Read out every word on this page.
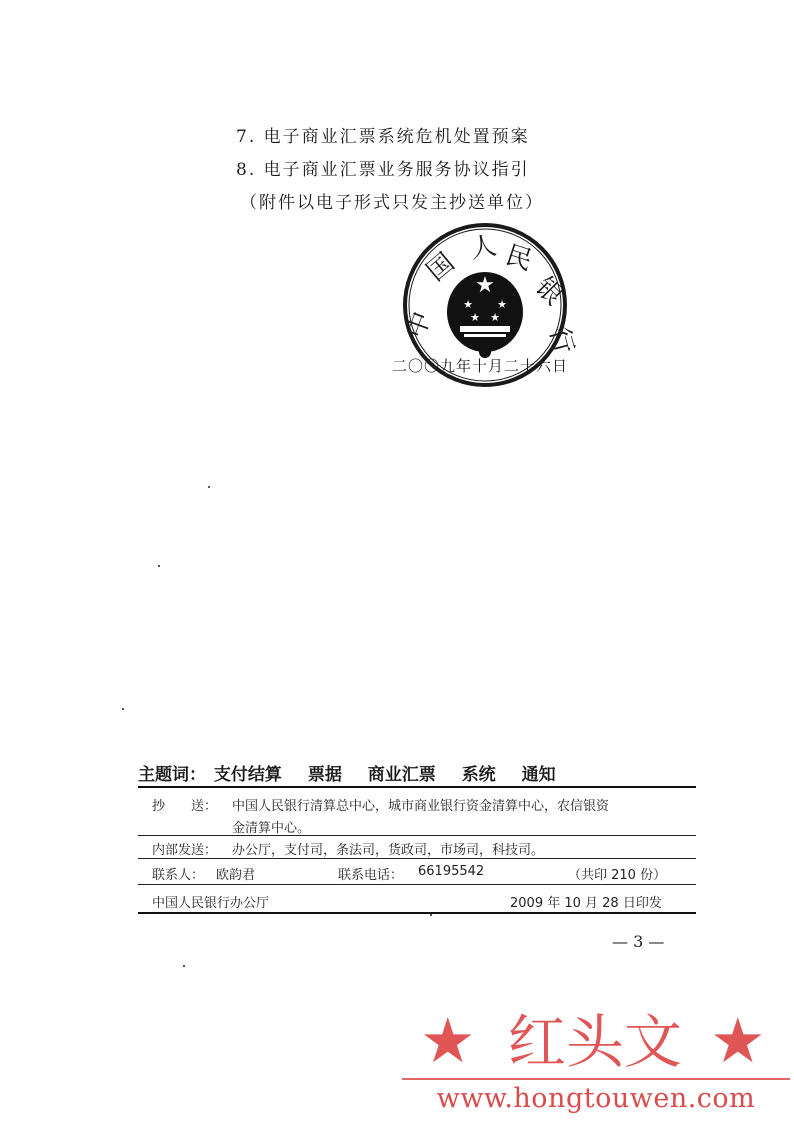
7. 电子商业汇票系统危机处置预案
8. 电子商业汇票业务服务协议指引
（附件以电子形式只发主抄送单位）
中
国 人 民
银
行
★
★ ★
★ ★
二〇〇九年十月二十六日
主题词： 支付结算 票据 商业汇票 系统 通知
抄　　送： 中国人民银行清算总中心，城市商业银行资金清算中心，农信银资
金清算中心。
内部发送： 办公厅，支付司，条法司，货政司，市场司，科技司。
联系人： 欧韵君	联系电话： 66195542	（共印 210 份）
中国人民银行办公厅	2009 年 10 月 28 日印发
— 3 —
★ 红头文 ★
www.hongtouwen.com
